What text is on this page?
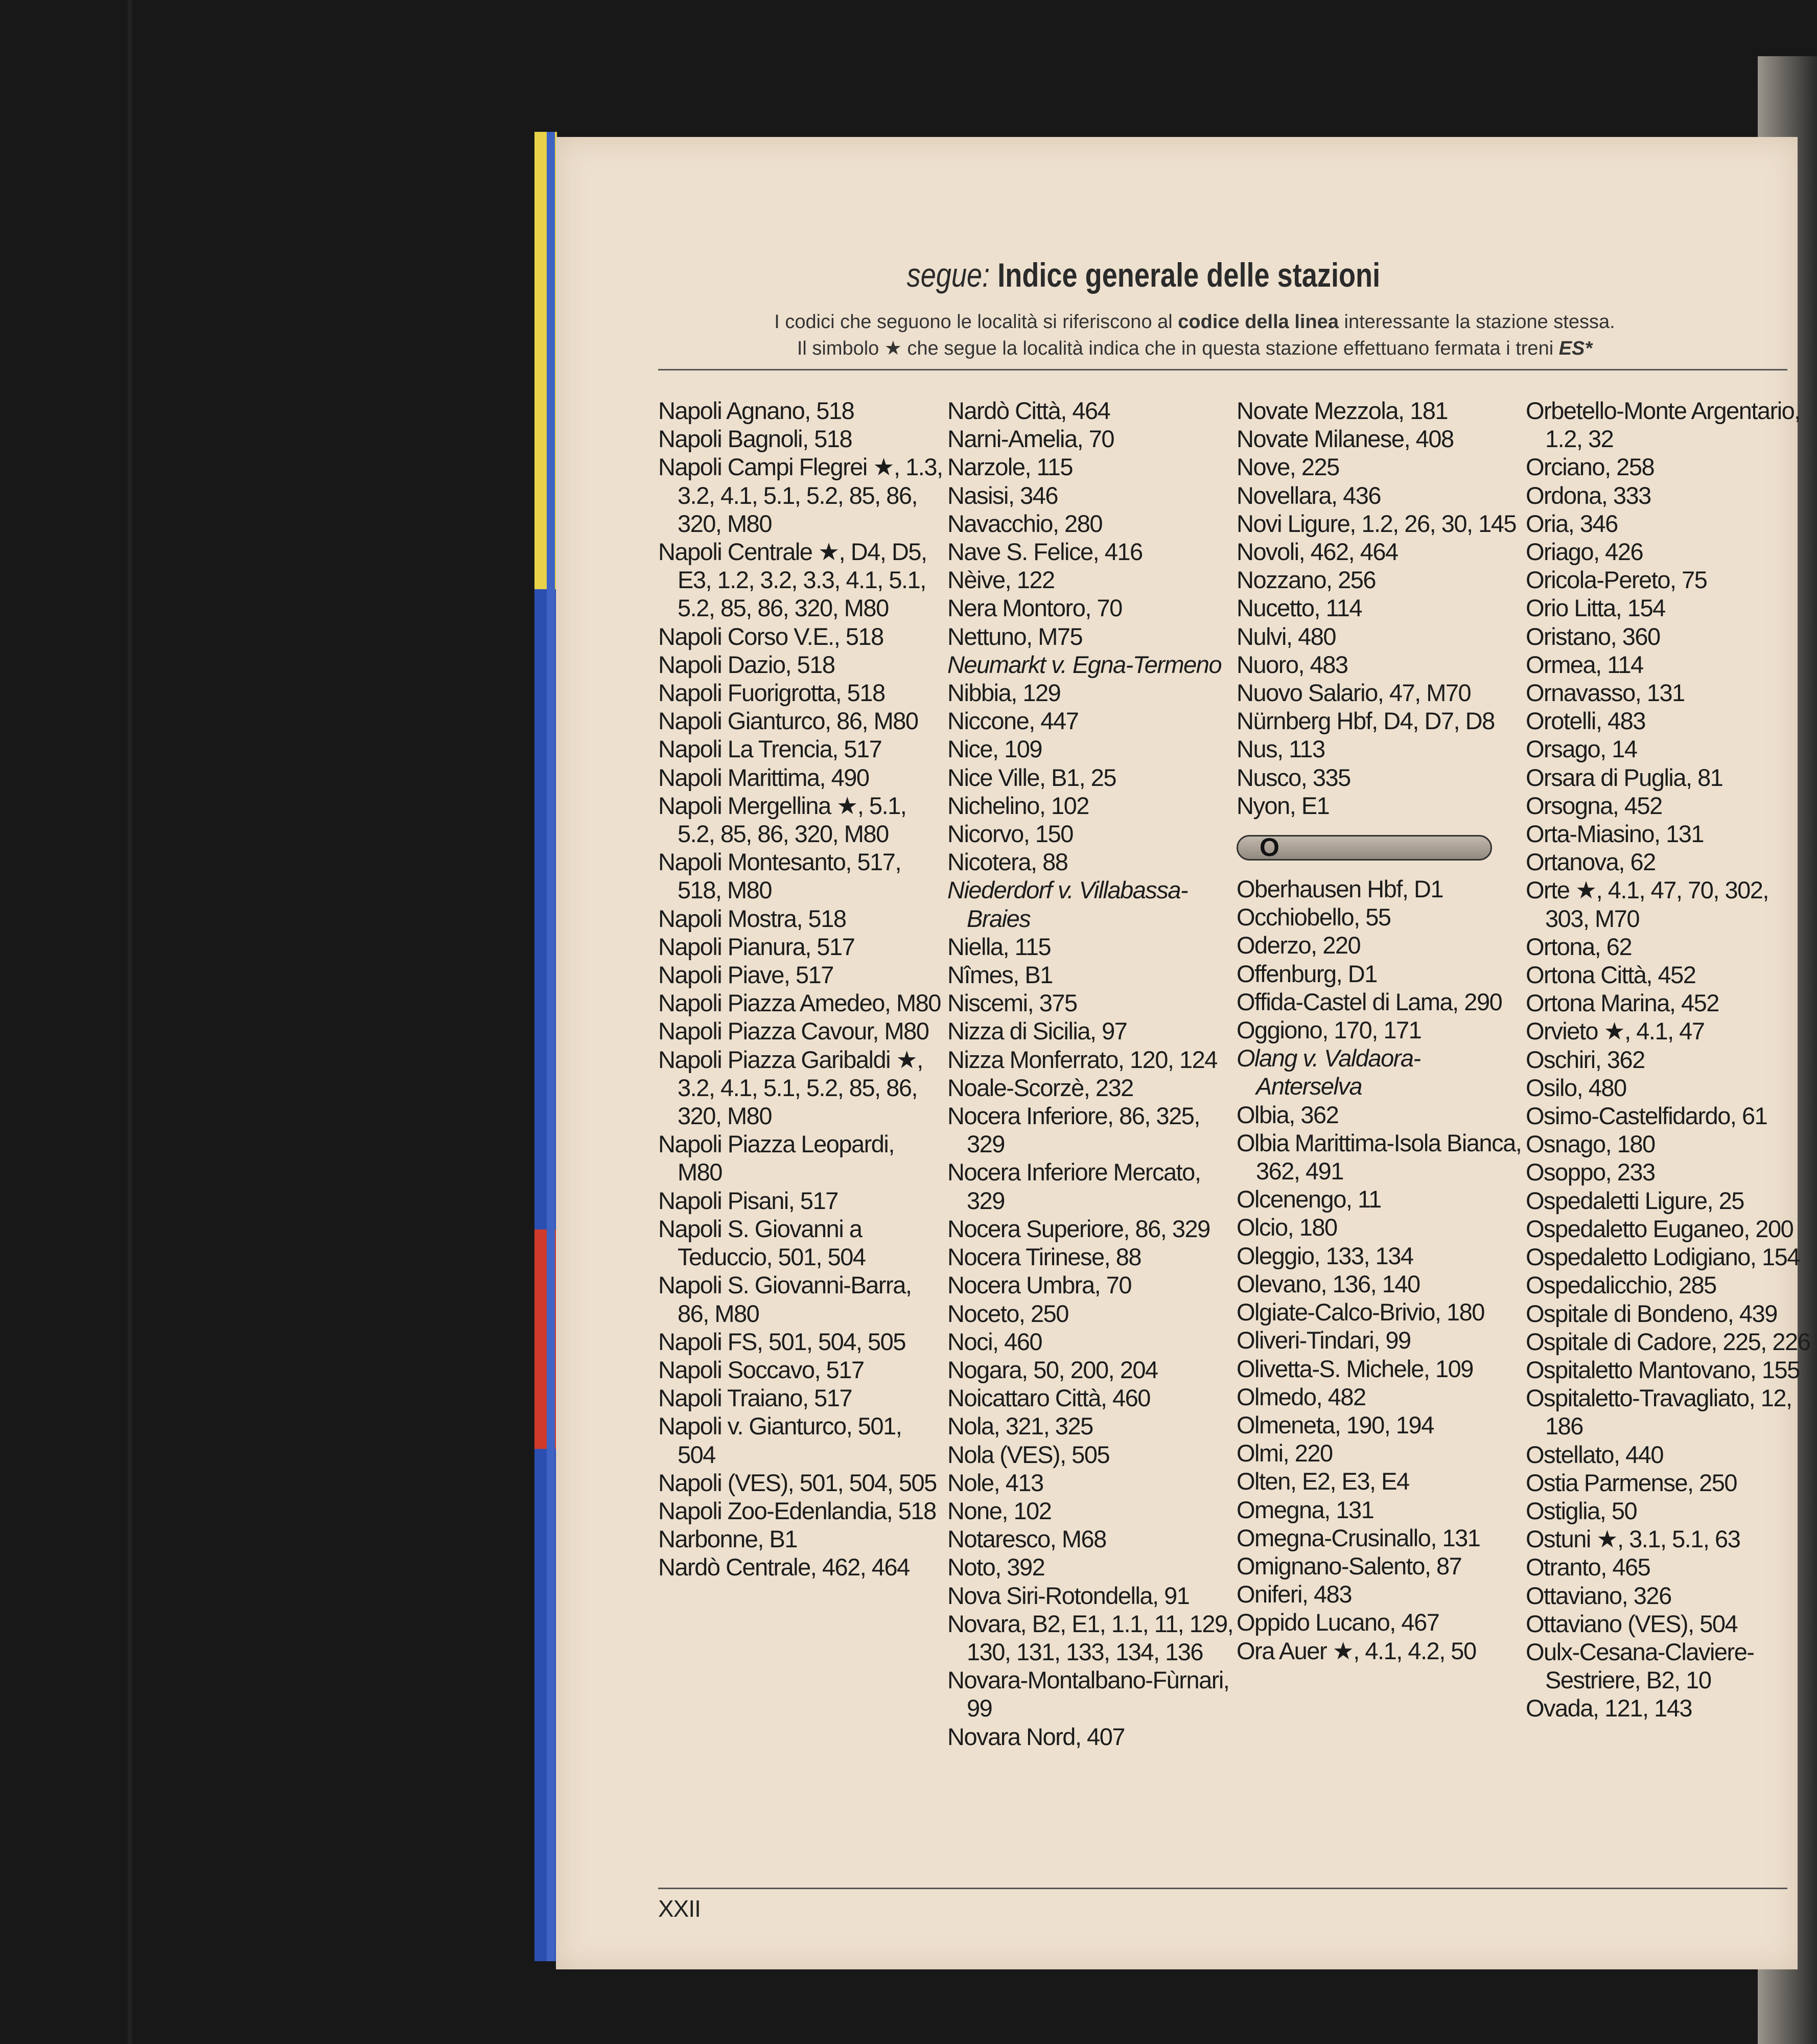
segue: Indice generale delle stazioni
I codici che seguono le località si riferiscono al codice della linea interessante la stazione stessa.
Il simbolo ★ che segue la località indica che in questa stazione effettuano fermata i treni ES*
Napoli Agnano, 518
Napoli Bagnoli, 518
Napoli Campi Flegrei ★, 1.3, 3.2, 4.1, 5.1, 5.2, 85, 86, 320, M80
Napoli Centrale ★, D4, D5, E3, 1.2, 3.2, 3.3, 4.1, 5.1, 5.2, 85, 86, 320, M80
Napoli Corso V.E., 518
Napoli Dazio, 518
Napoli Fuorigrotta, 518
Napoli Gianturco, 86, M80
Napoli La Trencia, 517
Napoli Marittima, 490
Napoli Mergellina ★, 5.1, 5.2, 85, 86, 320, M80
Napoli Montesanto, 517, 518, M80
Napoli Mostra, 518
Napoli Pianura, 517
Napoli Piave, 517
Napoli Piazza Amedeo, M80
Napoli Piazza Cavour, M80
Napoli Piazza Garibaldi ★, 3.2, 4.1, 5.1, 5.2, 85, 86, 320, M80
Napoli Piazza Leopardi, M80
Napoli Pisani, 517
Napoli S. Giovanni a Teduccio, 501, 504
Napoli S. Giovanni-Barra, 86, M80
Napoli FS, 501, 504, 505
Napoli Soccavo, 517
Napoli Traiano, 517
Napoli v. Gianturco, 501, 504
Napoli (VES), 501, 504, 505
Napoli Zoo-Edenlandia, 518
Narbonne, B1
Nardò Centrale, 462, 464
Nardò Città, 464
Narni-Amelia, 70
Narzole, 115
Nasisi, 346
Navacchio, 280
Nave S. Felice, 416
Nèive, 122
Nera Montoro, 70
Nettuno, M75
Neumarkt v. Egna-Termeno
Nibbia, 129
Niccone, 447
Nice, 109
Nice Ville, B1, 25
Nichelino, 102
Nicorvo, 150
Nicotera, 88
Niederdorf v. Villabassa-Braies
Niella, 115
Nîmes, B1
Niscemi, 375
Nizza di Sicilia, 97
Nizza Monferrato, 120, 124
Noale-Scorzè, 232
Nocera Inferiore, 86, 325, 329
Nocera Inferiore Mercato, 329
Nocera Superiore, 86, 329
Nocera Tirinese, 88
Nocera Umbra, 70
Noceto, 250
Noci, 460
Nogara, 50, 200, 204
Noicattaro Città, 460
Nola, 321, 325
Nola (VES), 505
Nole, 413
None, 102
Notaresco, M68
Noto, 392
Nova Siri-Rotondella, 91
Novara, B2, E1, 1.1, 11, 129, 130, 131, 133, 134, 136
Novara-Montalbano-Fùrnari, 99
Novara Nord, 407
Novate Mezzola, 181
Novate Milanese, 408
Nove, 225
Novellara, 436
Novi Ligure, 1.2, 26, 30, 145
Novoli, 462, 464
Nozzano, 256
Nucetto, 114
Nulvi, 480
Nuoro, 483
Nuovo Salario, 47, M70
Nürnberg Hbf, D4, D7, D8
Nus, 113
Nusco, 335
Nyon, E1
O
Oberhausen Hbf, D1
Occhiobello, 55
Oderzo, 220
Offenburg, D1
Offida-Castel di Lama, 290
Oggiono, 170, 171
Olang v. Valdaora-Anterselva
Olbia, 362
Olbia Marittima-Isola Bianca, 362, 491
Olcenengo, 11
Olcio, 180
Oleggio, 133, 134
Olevano, 136, 140
Olgiate-Calco-Brivio, 180
Oliveri-Tindari, 99
Olivetta-S. Michele, 109
Olmedo, 482
Olmeneta, 190, 194
Olmi, 220
Olten, E2, E3, E4
Omegna, 131
Omegna-Crusinallo, 131
Omignano-Salento, 87
Oniferi, 483
Oppido Lucano, 467
Ora Auer ★, 4.1, 4.2, 50
Orbetello-Monte Argentario, 1.2, 32
Orciano, 258
Ordona, 333
Oria, 346
Oriago, 426
Oricola-Pereto, 75
Orio Litta, 154
Oristano, 360
Ormea, 114
Ornavasso, 131
Orotelli, 483
Orsago, 14
Orsara di Puglia, 81
Orsogna, 452
Orta-Miasino, 131
Ortanova, 62
Orte ★, 4.1, 47, 70, 302, 303, M70
Ortona, 62
Ortona Città, 452
Ortona Marina, 452
Orvieto ★, 4.1, 47
Oschiri, 362
Osilo, 480
Osimo-Castelfidardo, 61
Osnago, 180
Osoppo, 233
Ospedaletti Ligure, 25
Ospedaletto Euganeo, 200
Ospedaletto Lodigiano, 154
Ospedalicchio, 285
Ospitale di Bondeno, 439
Ospitale di Cadore, 225, 226
Ospitaletto Mantovano, 155
Ospitaletto-Travagliato, 12, 186
Ostellato, 440
Ostia Parmense, 250
Ostiglia, 50
Ostuni ★, 3.1, 5.1, 63
Otranto, 465
Ottaviano, 326
Ottaviano (VES), 504
Oulx-Cesana-Claviere-Sestriere, B2, 10
Ovada, 121, 143
XXII
